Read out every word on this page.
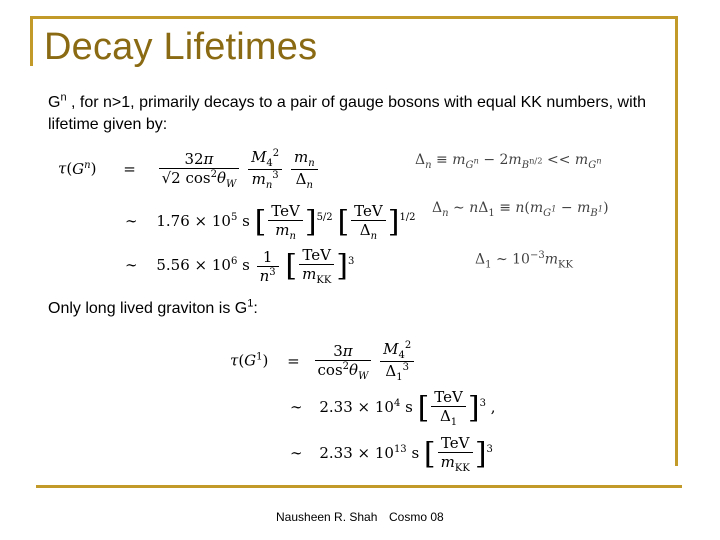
Decay Lifetimes
$G^n$ , for n>1, primarily decays to a pair of gauge bosons with equal KK numbers, with lifetime given by:
$\tau(G^n) = \frac{32\pi}{√2 \cos^2\theta_W}$
$\frac{M_4^2}{m_n^3}$
$\frac{m_n}{\Delta_n}$
∼ $1.76 \times 10^5$ s [ $\frac{\text{TeV}}{m_n} ]^{5/2}$ [ $\frac{\text{TeV}}{\Delta_n} ]^{1/2}$
∼ $5.56 \times 10^6$ s $\frac{1}{n^3}$ [ $\frac{\text{TeV}}{m_{KK}} ]^3$
$\Delta_n \equiv m_{G^n} - 2m_{B^{n/2}} << m_{G^n}$
$\Delta_n$ ∼ $n\Delta_1 \equiv n(m_{G^1} - m_{B^1})$
$\Delta_1$ ∼ $10^{-3}m_{KK}$
Only long lived graviton is $G^1$:
$\tau(G^1) = \frac{3\pi}{\cos^2\theta_W}$
$\frac{M_4^2}{\Delta_1^3}$
∼ $2.33 \times 10^4$ s [ $\frac{\text{TeV}}{\Delta_1} ]^3$ ,
∼ $2.33 \times 10^{13}$ s [ $\frac{\text{TeV}}{m_{KK}} ]^3$
Nausheen R. Shah Cosmo 08
